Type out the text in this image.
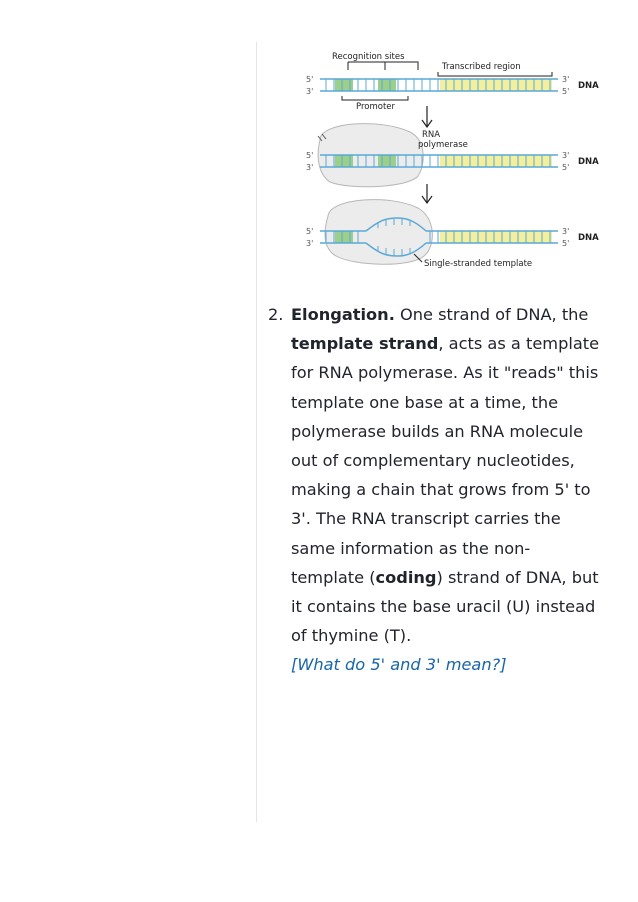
Recognition sites
Transcribed region
5'
3'
3'
5'
DNA
Promoter
RNA
polymerase
5'
3'
3'
5'
DNA
5'
3'
3'
5'
DNA
Single-stranded template
2. Elongation. One strand of DNA, the template strand, acts as a template for RNA polymerase. As it "reads" this template one base at a time, the polymerase builds an RNA molecule out of complementary nucleotides, making a chain that grows from 5' to 3'. The RNA transcript carries the same information as the non-template (coding) strand of DNA, but it contains the base uracil (U) instead of thymine (T).
[What do 5' and 3' mean?]
